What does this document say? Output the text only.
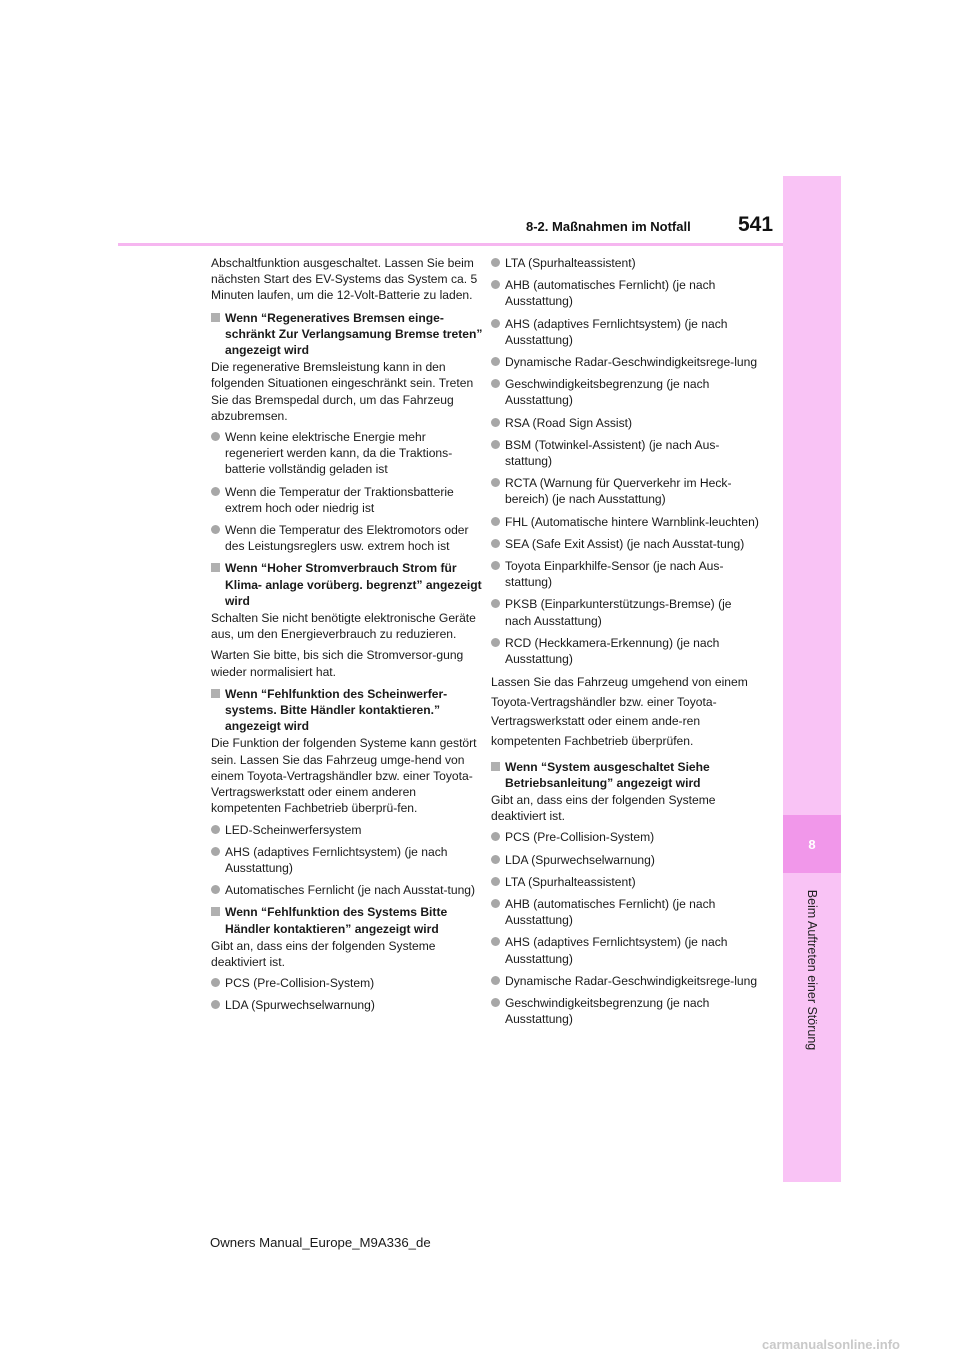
8-2. Maßnahmen im Notfall 541
8
Beim Auftreten einer Störung

Abschaltfunktion ausgeschaltet. Lassen Sie beim nächsten Start des EV-Systems das System ca. 5 Minuten laufen, um die 12-Volt-Batterie zu laden.

Wenn “Regeneratives Bremsen einge-schränkt Zur Verlangsamung Bremse treten” angezeigt wird

Die regenerative Bremsleistung kann in den folgenden Situationen eingeschränkt sein. Treten Sie das Bremspedal durch, um das Fahrzeug abzubremsen.

Wenn keine elektrische Energie mehr regeneriert werden kann, da die Traktions-batterie vollständig geladen ist
Wenn die Temperatur der Traktionsbatterie extrem hoch oder niedrig ist
Wenn die Temperatur des Elektromotors oder des Leistungsreglers usw. extrem hoch ist
Wenn “Hoher Stromverbrauch Strom für Klima- anlage vorüberg. begrenzt” angezeigt wird

Schalten Sie nicht benötigte elektronische Geräte aus, um den Energieverbrauch zu reduzieren.

Warten Sie bitte, bis sich die Stromversor-gung wieder normalisiert hat.

Wenn “Fehlfunktion des Scheinwerfer-systems. Bitte Händler kontaktieren.” angezeigt wird

Die Funktion der folgenden Systeme kann gestört sein. Lassen Sie das Fahrzeug umge-hend von einem Toyota-Vertragshändler bzw. einer Toyota-Vertragswerkstatt oder einem anderen kompetenten Fachbetrieb überprü-fen.

LED-Scheinwerfersystem
AHS (adaptives Fernlichtsystem) (je nach Ausstattung)
Automatisches Fernlicht (je nach Ausstat-tung)
Wenn “Fehlfunktion des Systems Bitte Händler kontaktieren” angezeigt wird

Gibt an, dass eins der folgenden Systeme deaktiviert ist.

PCS (Pre-Collision-System)
LDA (Spurwechselwarnung)
LTA (Spurhalteassistent)
AHB (automatisches Fernlicht) (je nach Ausstattung)
AHS (adaptives Fernlichtsystem) (je nach Ausstattung)
Dynamische Radar-Geschwindigkeitsrege-lung
Geschwindigkeitsbegrenzung (je nach Ausstattung)
RSA (Road Sign Assist)
BSM (Totwinkel-Assistent) (je nach Aus-stattung)
RCTA (Warnung für Querverkehr im Heck-bereich) (je nach Ausstattung)
FHL (Automatische hintere Warnblink-leuchten)
SEA (Safe Exit Assist) (je nach Ausstat-tung)
Toyota Einparkhilfe-Sensor (je nach Aus-stattung)
PKSB (Einparkunterstützungs-Bremse) (je nach Ausstattung)
RCD (Heckkamera-Erkennung) (je nach Ausstattung)

Lassen Sie das Fahrzeug umgehend von einem Toyota-Vertragshändler bzw. einer Toyota-Vertragswerkstatt oder einem ande-ren kompetenten Fachbetrieb überprüfen.

Wenn “System ausgeschaltet Siehe Betriebsanleitung” angezeigt wird

Gibt an, dass eins der folgenden Systeme deaktiviert ist.

PCS (Pre-Collision-System)
LDA (Spurwechselwarnung)
LTA (Spurhalteassistent)
AHB (automatisches Fernlicht) (je nach Ausstattung)
AHS (adaptives Fernlichtsystem) (je nach Ausstattung)
Dynamische Radar-Geschwindigkeitsrege-lung
Geschwindigkeitsbegrenzung (je nach Ausstattung)
Owners Manual_Europe_M9A336_de
carmanualsonline.info
